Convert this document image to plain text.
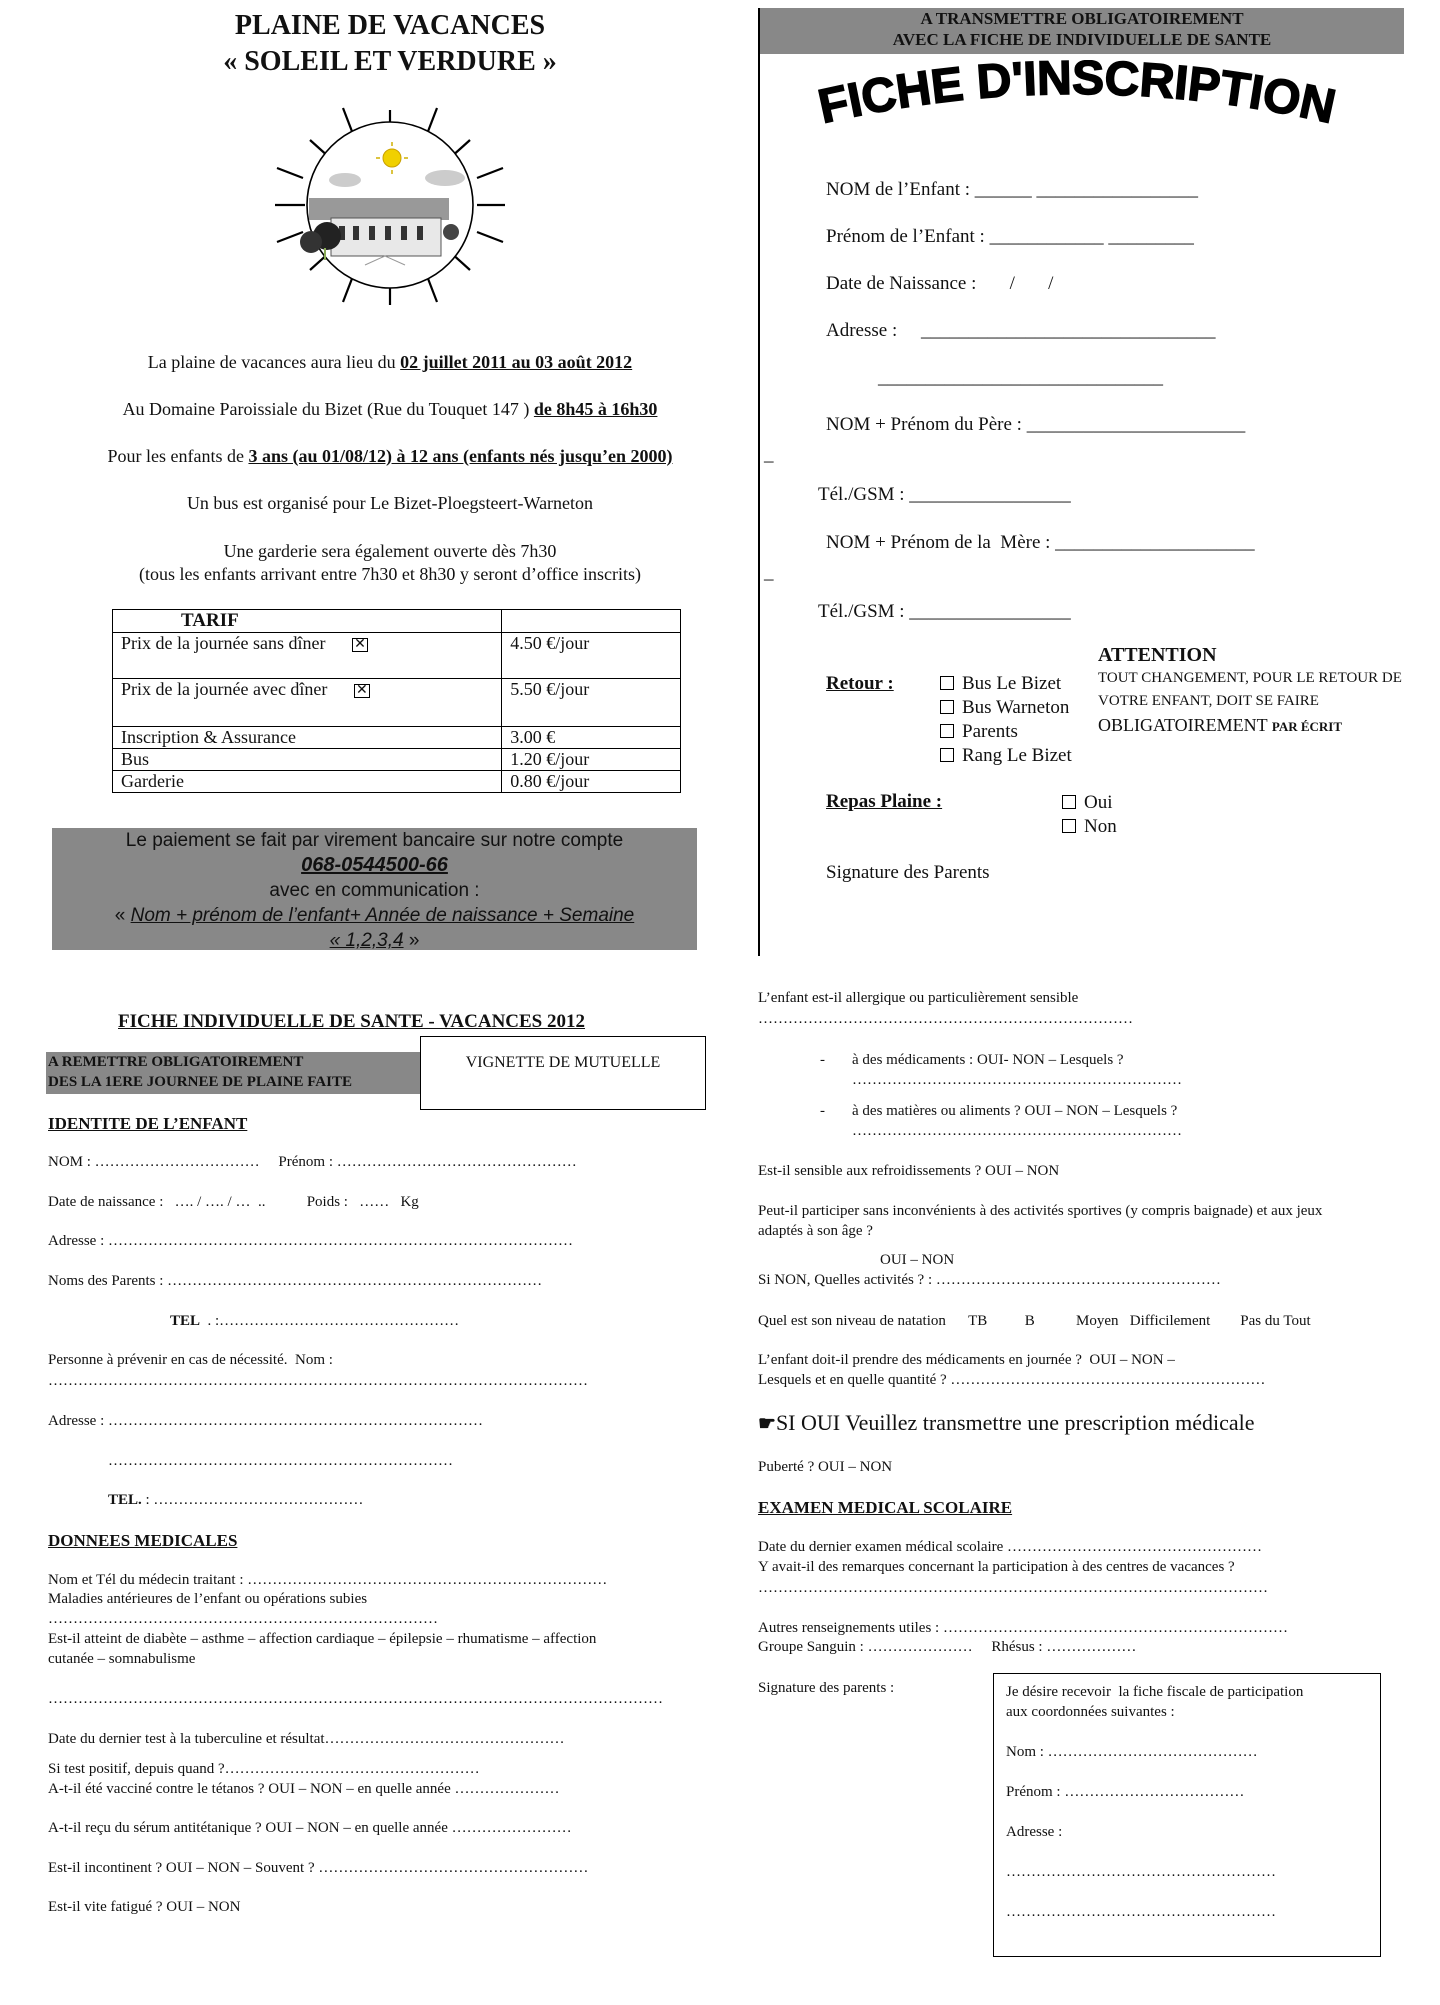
PLAINE DE VACANCES
« SOLEIL ET VERDURE »
La plaine de vacances aura lieu du 02 juillet 2011 au 03 août 2012
Au Domaine Paroissiale du Bizet (Rue du Touquet 147 ) de 8h45 à 16h30
Pour les enfants de 3 ans (au 01/08/12) à 12 ans (enfants nés jusqu’en 2000)
Un bus est organisé pour Le Bizet-Ploegsteert-Warneton
Une garderie sera également ouverte dès 7h30
(tous les enfants arrivant entre 7h30 et 8h30 y seront d’office inscrits)
TARIF	
Prix de la journée sans dîner ✕	4.50 €/jour
Prix de la journée avec dîner ✕	5.50 €/jour
Inscription & Assurance	3.00 €
Bus	1.20 €/jour
Garderie	0.80 €/jour
Le paiement se fait par virement bancaire sur notre compte
068-0544500-66
avec en communication :
« Nom + prénom de l’enfant+ Année de naissance + Semaine
« 1,2,3,4 »
A TRANSMETTRE OBLIGATOIREMENT
AVEC LA FICHE DE INDIVIDUELLE DE SANTE
FICHE D'INSCRIPTION
NOM de l’Enfant : ______ _________________
Prénom de l’Enfant : ____________ _________
Date de Naissance :       /       /
Adresse :     _______________________________
______________________________
NOM + Prénom du Père : _______________________
_
Tél./GSM : _________________
NOM + Prénom de la  Mère : _____________________
_
Tél./GSM : _________________
Retour :	Bus Le Bizet
Bus Warneton
Parents
Rang Le Bizet
ATTENTION
TOUT CHANGEMENT, POUR LE RETOUR DE
VOTRE ENFANT, DOIT SE FAIRE
OBLIGATOIREMENT PAR ÉCRIT
Repas Plaine :	Oui
Non
Signature des Parents
FICHE INDIVIDUELLE DE SANTE - VACANCES 2012
A REMETTRE OBLIGATOIREMENT
DES LA 1ERE JOURNEE DE PLAINE FAITE
VIGNETTE DE MUTUELLE
IDENTITE DE L’ENFANT
NOM : ……………………………     Prénom : …………………………………………
Date de naissance :   …. / …. / …  ..           Poids :   ……   Kg
Adresse : …………………………………………………………………………………
Noms des Parents : …………………………………………………………………
TEL  . :…………………………………………
Personne à prévenir en cas de nécessité.  Nom :
………………………………………………………………………………………………
Adresse : …………………………………………………………………
……………………………………………………………
TEL. : ……………………………………
DONNEES MEDICALES
Nom et Tél du médecin traitant : ………………………………………………………………
Maladies antérieures de l’enfant ou opérations subies
……………………………………………………………………
Est-il atteint de diabète – asthme – affection cardiaque – épilepsie – rhumatisme – affection
cutanée – somnabulisme
……………………………………………………………………………………………………………
Date du dernier test à la tuberculine et résultat…………………………………………
Si test positif, depuis quand ?……………………………………………
A-t-il été vacciné contre le tétanos ? OUI – NON – en quelle année …………………
A-t-il reçu du sérum antitétanique ? OUI – NON – en quelle année ……………………
Est-il incontinent ? OUI – NON – Souvent ? ………………………………………………
Est-il vite fatigué ? OUI – NON
L’enfant est-il allergique ou particulièrement sensible
…………………………………………………………………
- à des médicaments : OUI- NON – Lesquels ?
…………………………………………………………
- à des matières ou aliments ? OUI – NON – Lesquels ?
…………………………………………………………
Est-il sensible aux refroidissements ? OUI – NON
Peut-il participer sans inconvénients à des activités sportives (y compris baignade) et aux jeux
adaptés à son âge ?
OUI – NON
Si NON, Quelles activités ? : …………………………………………………
Quel est son niveau de natation      TB          B           Moyen   Difficilement        Pas du Tout
L’enfant doit-il prendre des médicaments en journée ?  OUI – NON –
Lesquels et en quelle quantité ? ………………………………………………………
☛SI OUI Veuillez transmettre une prescription médicale
Puberté ? OUI – NON
EXAMEN MEDICAL SCOLAIRE
Date du dernier examen médical scolaire ……………………………………………
Y avait-il des remarques concernant la participation à des centres de vacances ?
…………………………………………………………………………………………
Autres renseignements utiles : ……………………………………………………………
Groupe Sanguin : …………………     Rhésus : ………………
Signature des parents :	Je désire recevoir  la fiche fiscale de participation
aux coordonnées suivantes :
Nom : ……………………………………
Prénom : ………………………………
Adresse :
………………………………………………
………………………………………………
